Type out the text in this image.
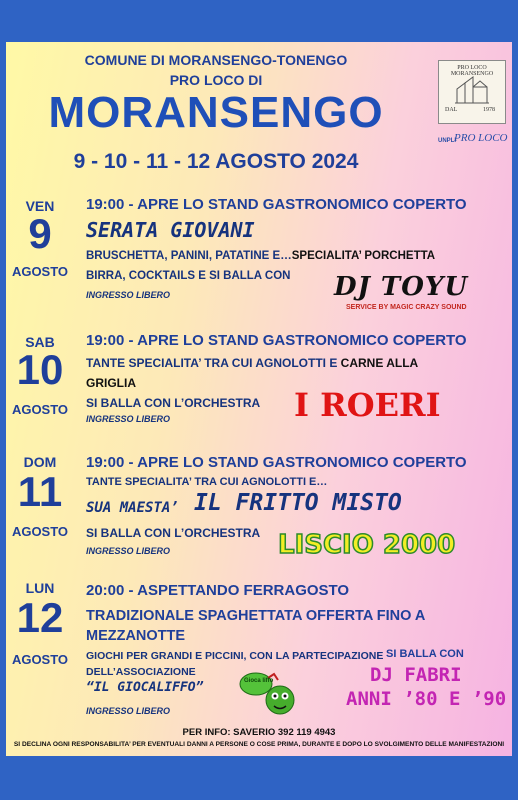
COMUNE DI MORANSENGO-TONENGO
PRO LOCO DI
MORANSENGO
9 - 10 - 11 - 12 AGOSTO 2024
PRO LOCO MORANSENGO
DAL	1978
UNPLI
PRO LOCO
VEN
9
AGOSTO
19:00 - APRE LO STAND GASTRONOMICO COPERTO
SERATA GIOVANI
BRUSCHETTA, PANINI, PATATINE E…SPECIALITA’ PORCHETTA
BIRRA, COCKTAILS E SI BALLA CON
INGRESSO LIBERO	DJ TOYU
SERVICE BY MAGIC CRAZY SOUND
SAB
10
AGOSTO
19:00 - APRE LO STAND GASTRONOMICO COPERTO
TANTE SPECIALITA’ TRA CUI AGNOLOTTI E CARNE ALLA
GRIGLIA
SI BALLA CON L’ORCHESTRA
INGRESSO LIBERO	I ROERI
DOM
11
AGOSTO
19:00 - APRE LO STAND GASTRONOMICO COPERTO
TANTE SPECIALITA’ TRA CUI AGNOLOTTI E…
SUA MAESTA’ IL FRITTO MISTO
SI BALLA CON L’ORCHESTRA
INGRESSO LIBERO	LISCIO 2000
LUN
12
AGOSTO
20:00 - ASPETTANDO FERRAGOSTO
TRADIZIONALE SPAGHETTATA OFFERTA FINO A
MEZZANOTTE
GIOCHI PER GRANDI E PICCINI, CON LA PARTECIPAZIONE
DELL’ASSOCIAZIONE
“IL GIOCALIFFO”
INGRESSO LIBERO
Gioca liffo
SI BALLA CON
DJ FABRI
ANNI ’80 E ’90
PER INFO: SAVERIO 392 119 4943
SI DECLINA OGNI RESPONSABILITA’ PER EVENTUALI DANNI A PERSONE O COSE PRIMA, DURANTE E DOPO LO SVOLGIMENTO DELLE MANIFESTAZIONI
